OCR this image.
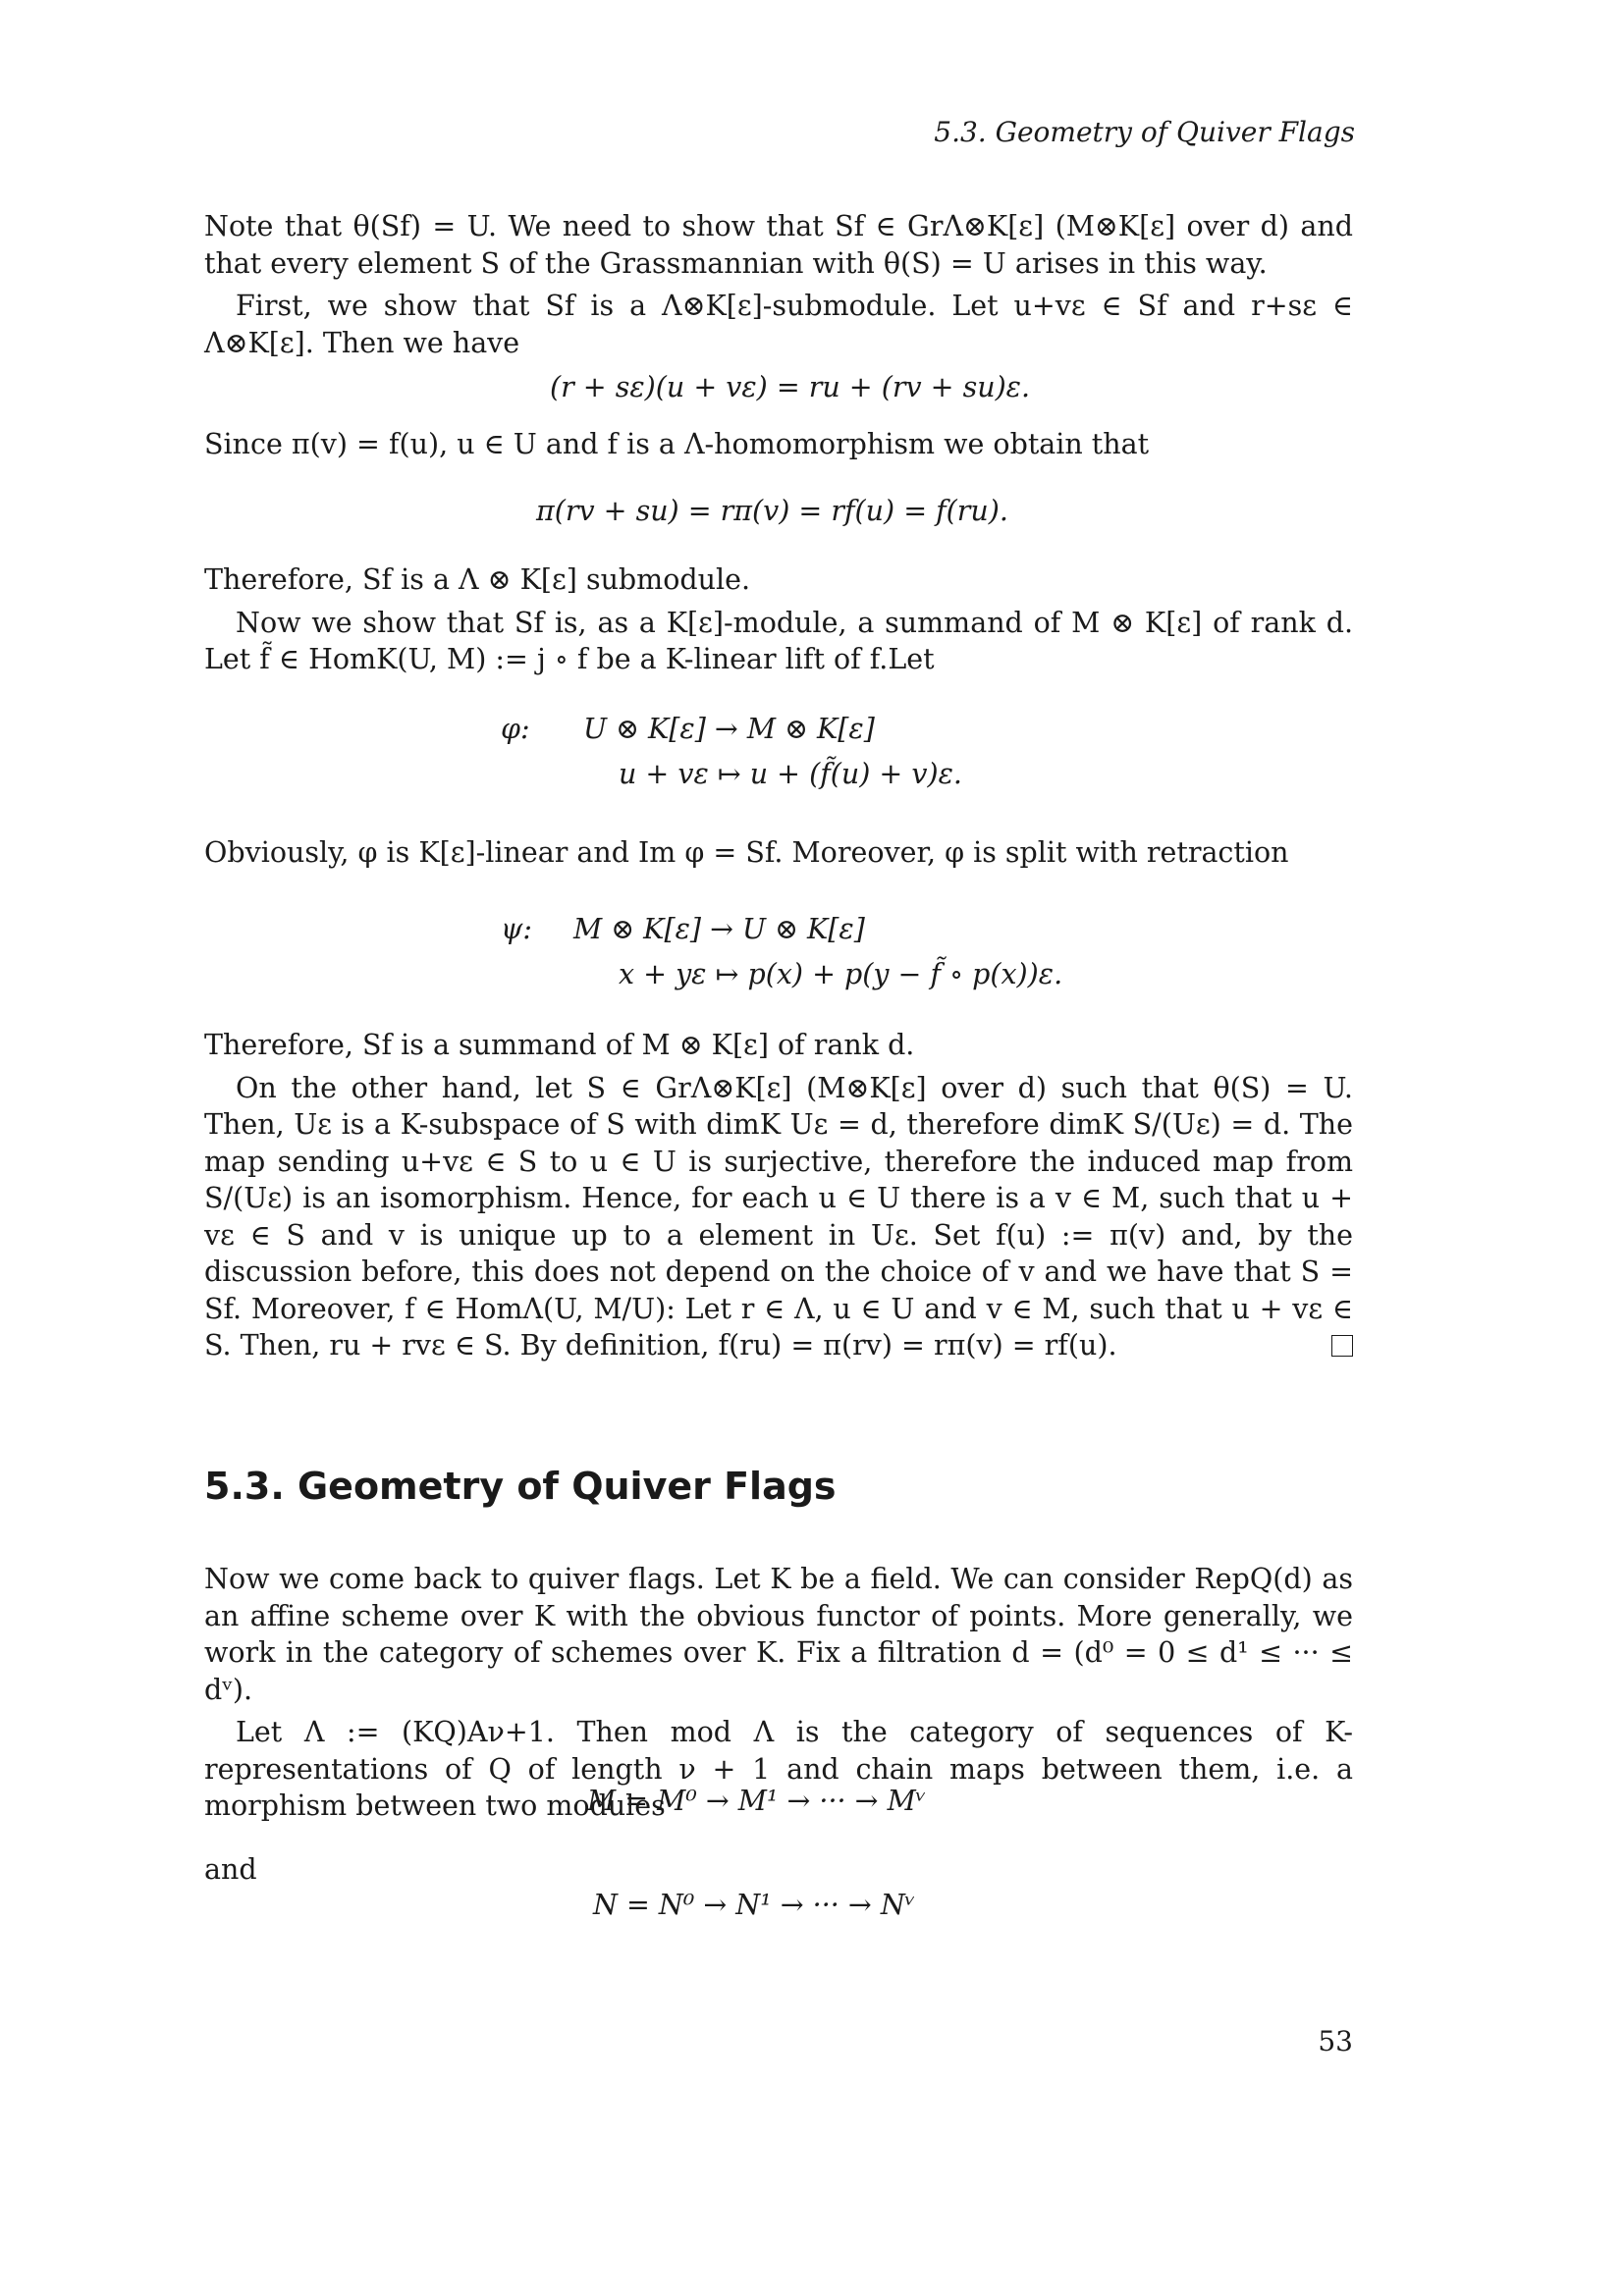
5.3. Geometry of Quiver Flags

Note that θ(Sf) = U. We need to show that Sf ∈ GrΛ⊗K[ε] (M⊗K[ε] over d) and that every element S of the Grassmannian with θ(S) = U arises in this way.

First, we show that Sf is a Λ⊗K[ε]-submodule. Let u+vε ∈ Sf and r+sε ∈ Λ⊗K[ε]. Then we have

(r + sε)(u + vε) = ru + (rv + su)ε.

Since π(v) = f(u), u ∈ U and f is a Λ-homomorphism we obtain that

π(rv + su) = rπ(v) = rf(u) = f(ru).

Therefore, Sf is a Λ ⊗ K[ε] submodule.

Now we show that Sf is, as a K[ε]-module, a summand of M ⊗ K[ε] of rank d. Let f̃ ∈ HomK(U, M) := j ∘ f be a K-linear lift of f.Let

φ: U ⊗ K[ε] → M ⊗ K[ε]
u + vε ↦ u + (f̃(u) + v)ε.

Obviously, φ is K[ε]-linear and Im φ = Sf. Moreover, φ is split with retraction

ψ: M ⊗ K[ε] → U ⊗ K[ε]
x + yε ↦ p(x) + p(y − f̃ ∘ p(x))ε.

Therefore, Sf is a summand of M ⊗ K[ε] of rank d.

On the other hand, let S ∈ GrΛ⊗K[ε] (M⊗K[ε] over d) such that θ(S) = U. Then, Uε is a K-subspace of S with dimK Uε = d, therefore dimK S/(Uε) = d. The map sending u+vε ∈ S to u ∈ U is surjective, therefore the induced map from S/(Uε) is an isomorphism. Hence, for each u ∈ U there is a v ∈ M, such that u + vε ∈ S and v is unique up to a element in Uε. Set f(u) := π(v) and, by the discussion before, this does not depend on the choice of v and we have that S = Sf. Moreover, f ∈ HomΛ(U, M/U): Let r ∈ Λ, u ∈ U and v ∈ M, such that u + vε ∈ S. Then, ru + rvε ∈ S. By definition, f(ru) = π(rv) = rπ(v) = rf(u).

5.3. Geometry of Quiver Flags

Now we come back to quiver flags. Let K be a field. We can consider RepQ(d) as an affine scheme over K with the obvious functor of points. More generally, we work in the category of schemes over K. Fix a filtration d = (d⁰ = 0 ≤ d¹ ≤ ··· ≤ dᵛ).

Let Λ := (KQ)Aν+1. Then mod Λ is the category of sequences of K-representations of Q of length ν + 1 and chain maps between them, i.e. a morphism between two modules

M = M⁰ → M¹ → ··· → Mᵛ

and

N = N⁰ → N¹ → ··· → Nᵛ
53
